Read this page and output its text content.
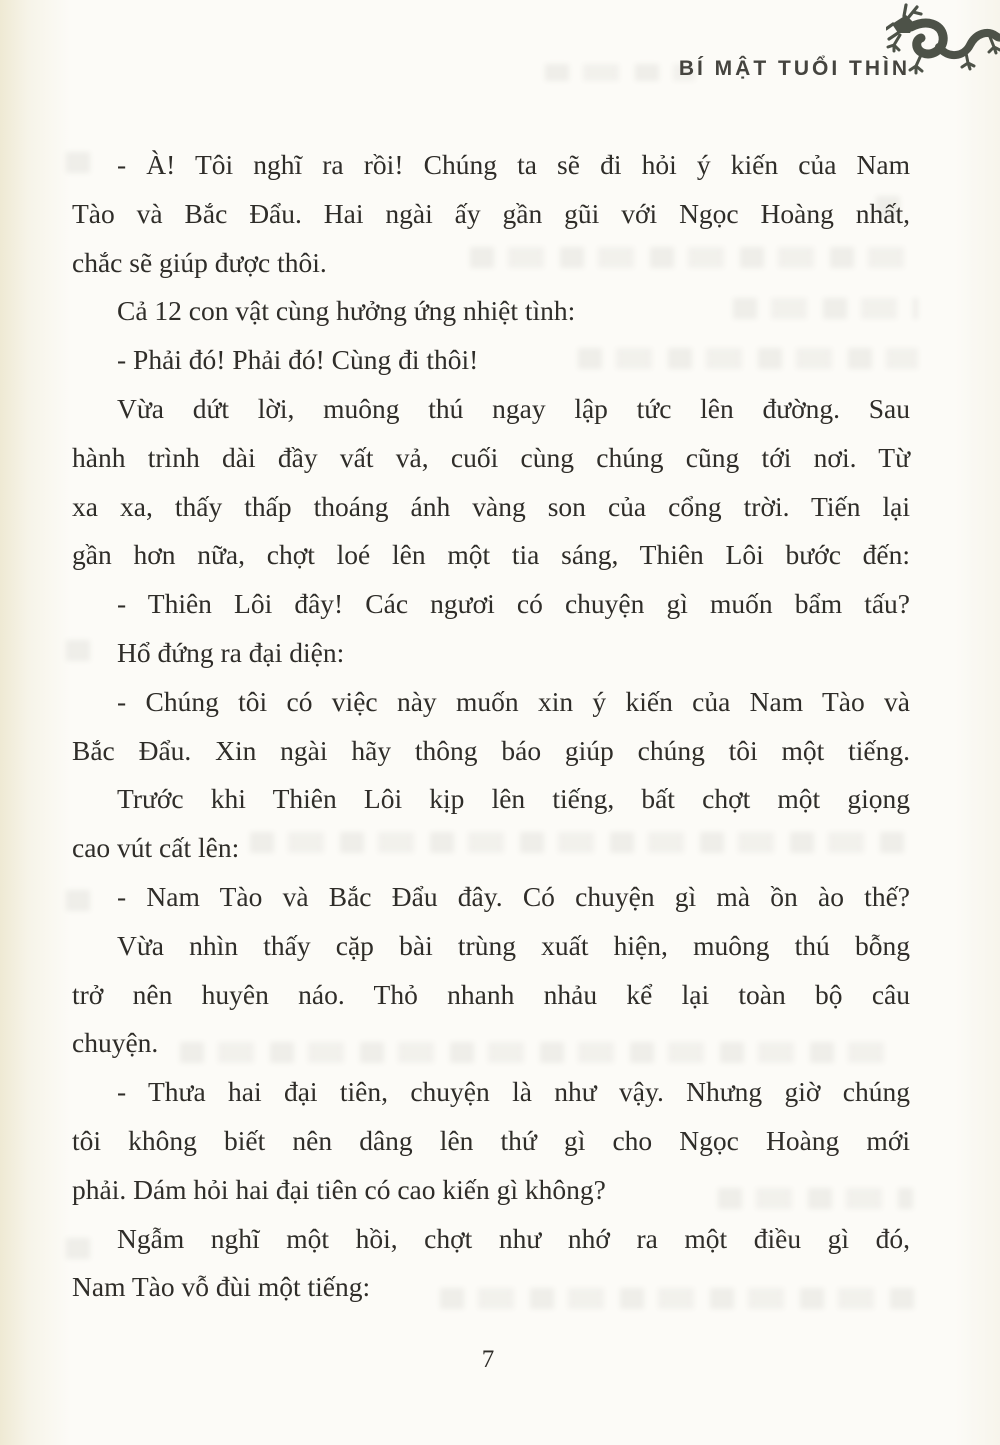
BÍ MẬT TUỔI THÌN
- À! Tôi nghĩ ra rồi! Chúng ta sẽ đi hỏi ý kiến của Nam
Tào và Bắc Đẩu. Hai ngài ấy gần gũi với Ngọc Hoàng nhất,
chắc sẽ giúp được thôi.
Cả 12 con vật cùng hưởng ứng nhiệt tình:
- Phải đó! Phải đó! Cùng đi thôi!
Vừa dứt lời, muông thú ngay lập tức lên đường. Sau
hành trình dài đầy vất vả, cuối cùng chúng cũng tới nơi. Từ
xa xa, thấy thấp thoáng ánh vàng son của cổng trời. Tiến lại
gần hơn nữa, chợt loé lên một tia sáng, Thiên Lôi bước đến:
- Thiên Lôi đây! Các ngươi có chuyện gì muốn bẩm tấu?
Hổ đứng ra đại diện:
- Chúng tôi có việc này muốn xin ý kiến của Nam Tào và
Bắc Đẩu. Xin ngài hãy thông báo giúp chúng tôi một tiếng.
Trước khi Thiên Lôi kịp lên tiếng, bất chợt một giọng
cao vút cất lên:
- Nam Tào và Bắc Đẩu đây. Có chuyện gì mà ồn ào thế?
Vừa nhìn thấy cặp bài trùng xuất hiện, muông thú bỗng
trở nên huyên náo. Thỏ nhanh nhảu kể lại toàn bộ câu
chuyện.
- Thưa hai đại tiên, chuyện là như vậy. Nhưng giờ chúng
tôi không biết nên dâng lên thứ gì cho Ngọc Hoàng mới
phải. Dám hỏi hai đại tiên có cao kiến gì không?
Ngẫm nghĩ một hồi, chợt như nhớ ra một điều gì đó,
Nam Tào vỗ đùi một tiếng:
7
